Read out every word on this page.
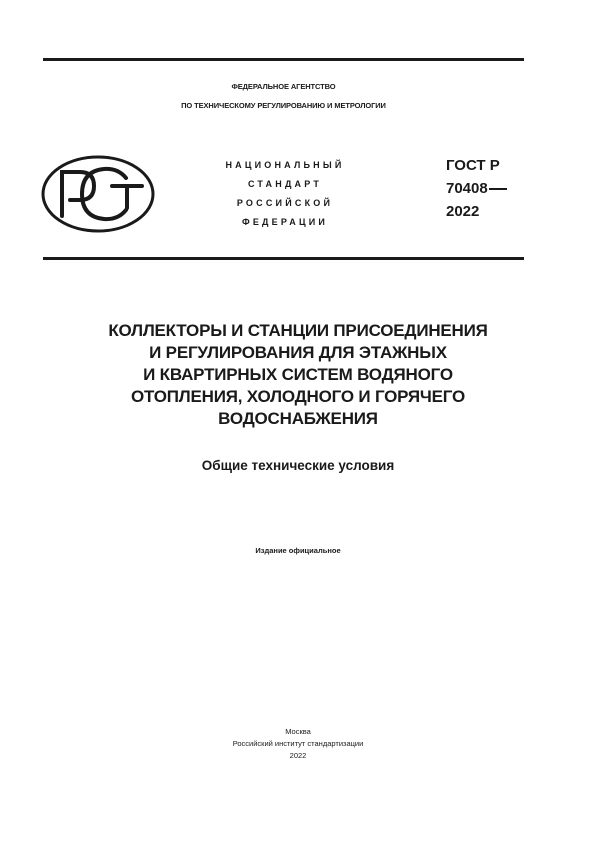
ФЕДЕРАЛЬНОЕ АГЕНТСТВО
ПО ТЕХНИЧЕСКОМУ РЕГУЛИРОВАНИЮ И МЕТРОЛОГИИ
НАЦИОНАЛЬНЫЙ
СТАНДАРТ
РОССИЙСКОЙ
ФЕДЕРАЦИИ
ГОСТ Р
70408
2022
КОЛЛЕКТОРЫ И СТАНЦИИ ПРИСОЕДИНЕНИЯ
И РЕГУЛИРОВАНИЯ ДЛЯ ЭТАЖНЫХ
И КВАРТИРНЫХ СИСТЕМ ВОДЯНОГО
ОТОПЛЕНИЯ, ХОЛОДНОГО И ГОРЯЧЕГО
ВОДОСНАБЖЕНИЯ
Общие технические условия
Издание официальное
Москва
Российский институт стандартизации
2022
